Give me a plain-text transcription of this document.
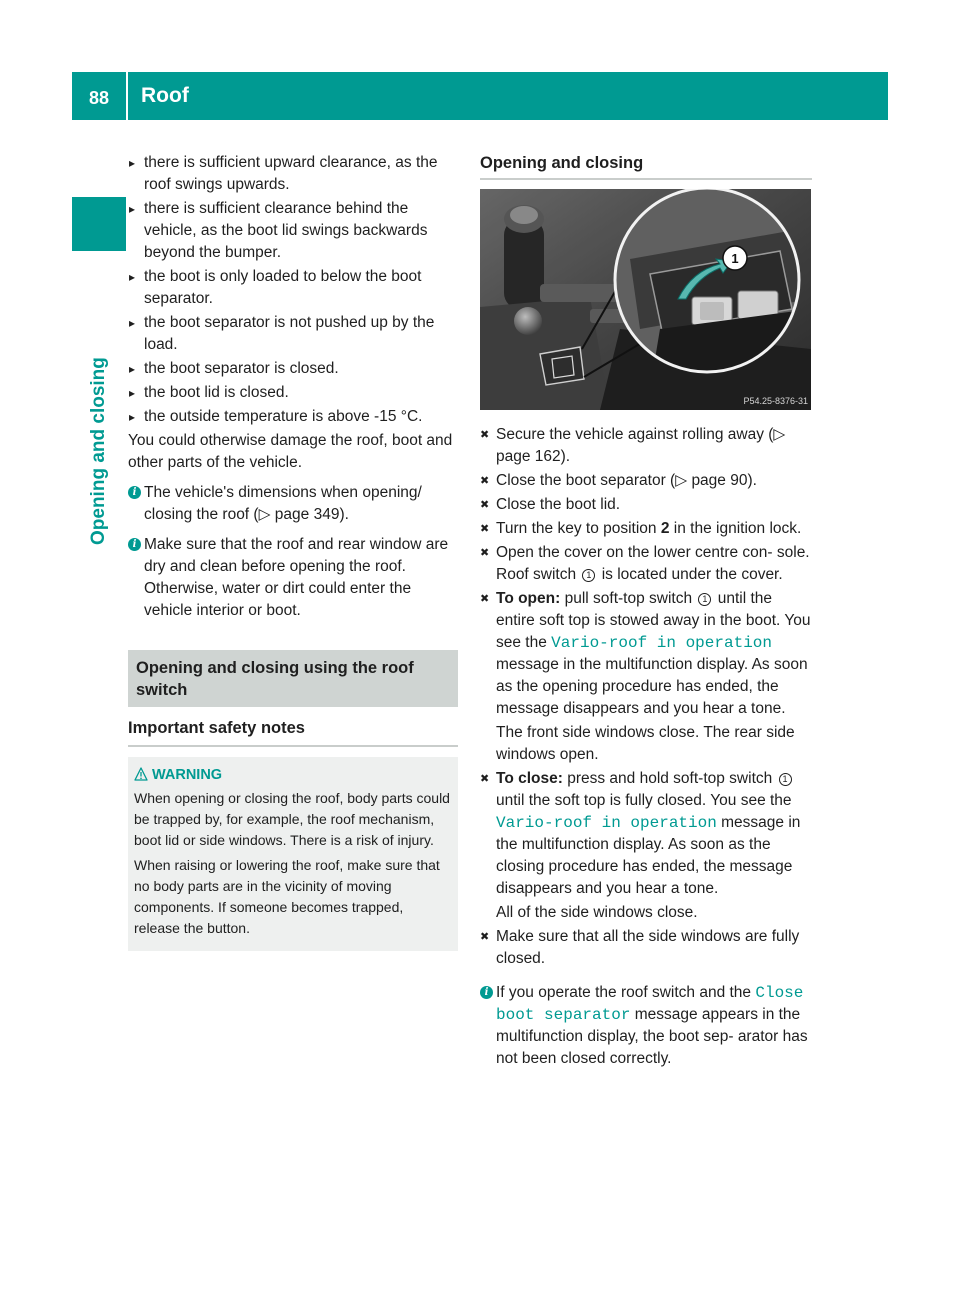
88	Roof
Opening and closing
▸ there is sufficient upward clearance, as the roof swings upwards.
▸ there is sufficient clearance behind the vehicle, as the boot lid swings backwards beyond the bumper.
▸ the boot is only loaded to below the boot separator.
▸ the boot separator is not pushed up by the load.
▸ the boot separator is closed.
▸ the boot lid is closed.
▸ the outside temperature is above -15 °C.
You could otherwise damage the roof, boot and other parts of the vehicle.
i The vehicle's dimensions when opening/ closing the roof (▷ page 349).
i Make sure that the roof and rear window are dry and clean before opening the roof. Otherwise, water or dirt could enter the vehicle interior or boot.
Opening and closing using the roof switch
Important safety notes
WARNING

When opening or closing the roof, body parts could be trapped by, for example, the roof mechanism, boot lid or side windows. There is a risk of injury.

When raising or lowering the roof, make sure that no body parts are in the vicinity of moving components. If someone becomes trapped, release the button.

Opening and closing
1
P54.25-8376-31
✖ Secure the vehicle against rolling away (▷ page 162).
✖ Close the boot separator (▷ page 90).
✖ Close the boot lid.
✖ Turn the key to position 2 in the ignition lock.
✖ Open the cover on the lower centre con- sole.
Roof switch 1 is located under the cover.
✖ To open: pull soft-top switch 1 until the entire soft top is stowed away in the boot. You see the Vario-roof in operation message in the multifunction display. As soon as the opening procedure has ended, the message disappears and you hear a tone.
The front side windows close. The rear side windows open.
✖ To close: press and hold soft-top switch 1 until the soft top is fully closed. You see the Vario-roof in operation message in the multifunction display. As soon as the closing procedure has ended, the message disappears and you hear a tone.
All of the side windows close.
✖ Make sure that all the side windows are fully closed.
i If you operate the roof switch and the Close boot separator message appears in the multifunction display, the boot sep- arator has not been closed correctly.
